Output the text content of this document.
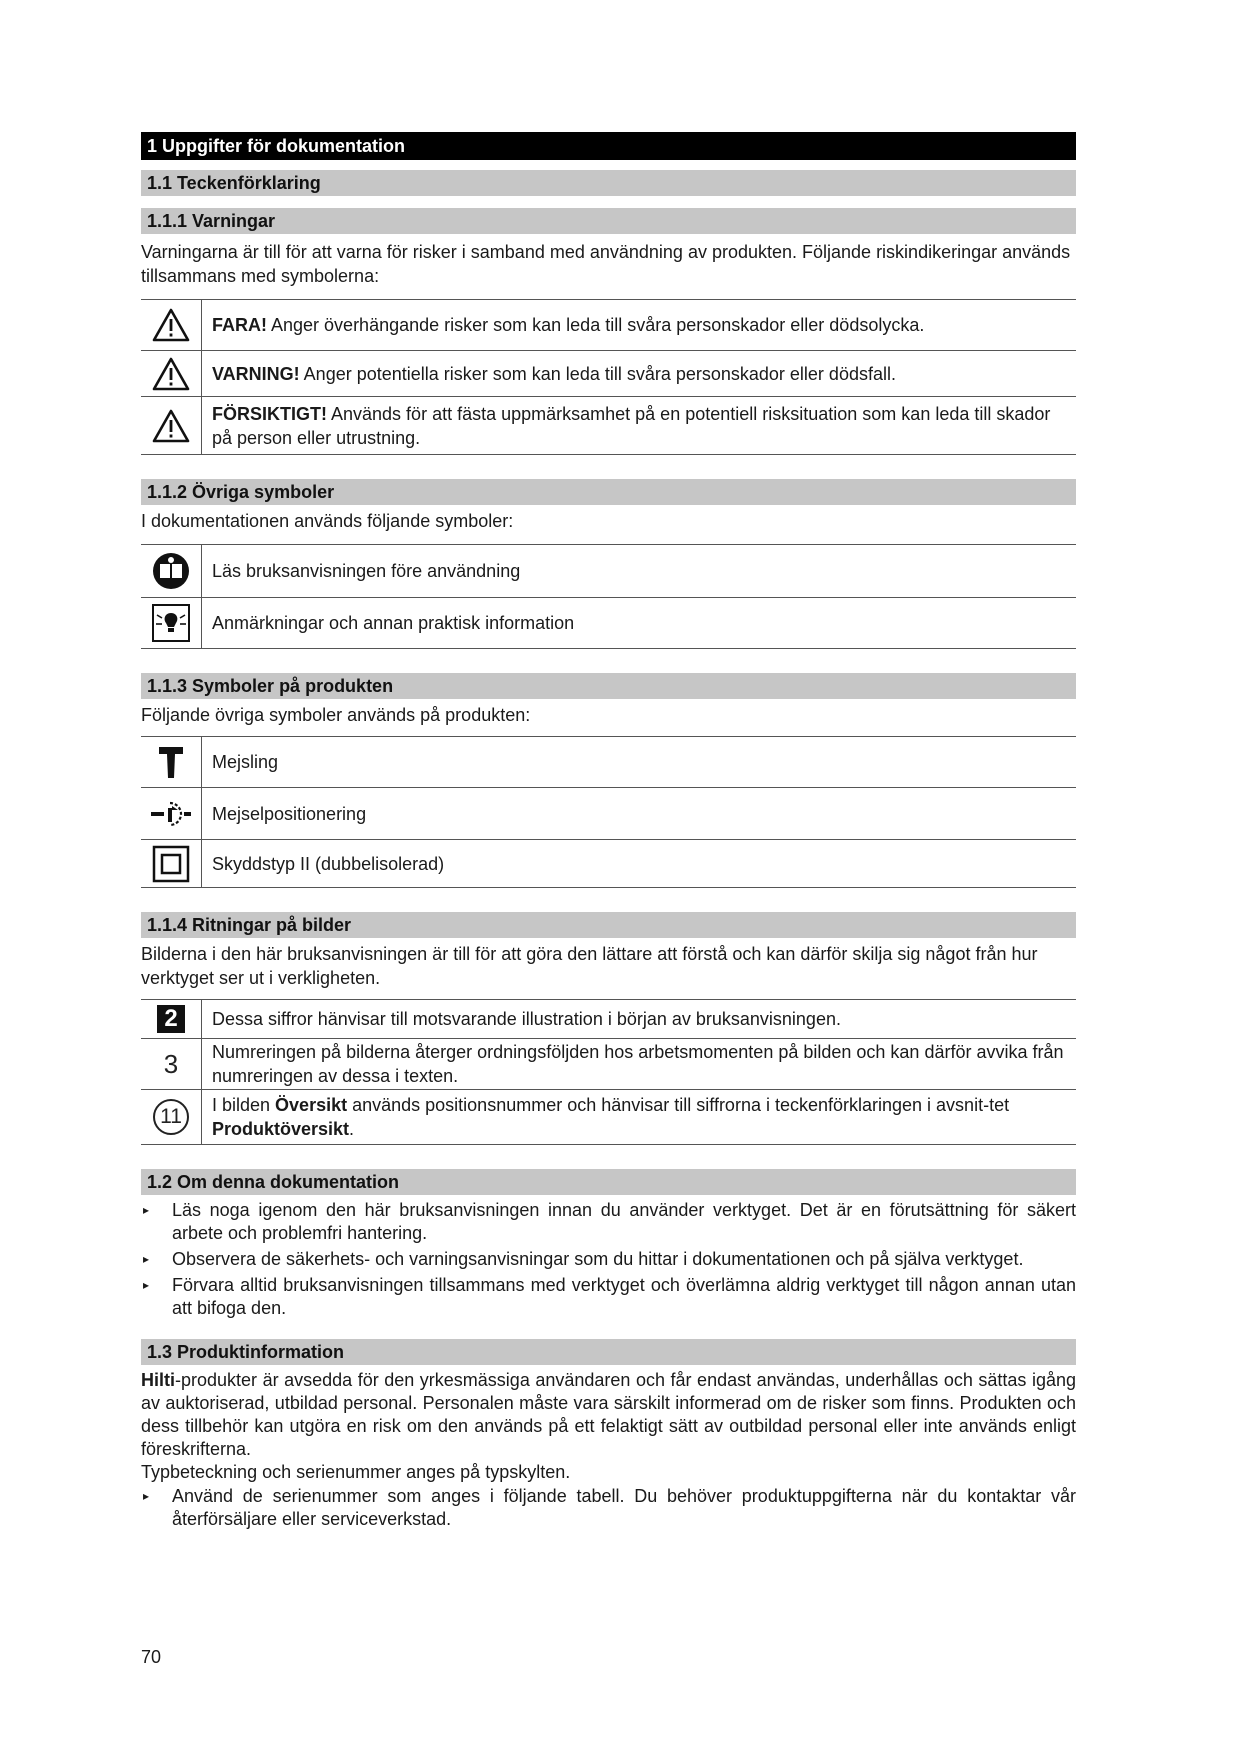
1 Uppgifter för dokumentation
1.1 Teckenförklaring
1.1.1 Varningar

Varningarna är till för att varna för risker i samband med användning av produkten. Följande riskindikeringar används tillsammans med symbolerna:

FARA! Anger överhängande risker som kan leda till svåra personskador eller dödsolycka.
VARNING! Anger potentiella risker som kan leda till svåra personskador eller dödsfall.
FÖRSIKTIGT! Används för att fästa uppmärksamhet på en potentiell risksituation som kan leda till skador på person eller utrustning.
1.1.2 Övriga symboler

I dokumentationen används följande symboler:

Läs bruksanvisningen före användning
Anmärkningar och annan praktisk information
1.1.3 Symboler på produkten

Följande övriga symboler används på produkten:

Mejsling
Mejselpositionering
Skyddstyp II (dubbelisolerad)
1.1.4 Ritningar på bilder

Bilderna i den här bruksanvisningen är till för att göra den lättare att förstå och kan därför skilja sig något från hur verktyget ser ut i verkligheten.

2	Dessa siffror hänvisar till motsvarande illustration i början av bruksanvisningen.
3	Numreringen på bilderna återger ordningsföljden hos arbetsmomenten på bilden och kan därför avvika från numreringen av dessa i texten.
11	I bilden Översikt används positionsnummer och hänvisar till siffrorna i teckenförklaringen i avsnit-tet Produktöversikt.
1.2 Om denna dokumentation
▸ Läs noga igenom den här bruksanvisningen innan du använder verktyget. Det är en förutsättning för säkert arbete och problemfri hantering.
▸ Observera de säkerhets- och varningsanvisningar som du hittar i dokumentationen och på själva verktyget.
▸ Förvara alltid bruksanvisningen tillsammans med verktyget och överlämna aldrig verktyget till någon annan utan att bifoga den.
1.3 Produktinformation

Hilti-produkter är avsedda för den yrkesmässiga användaren och får endast användas, underhållas och sättas igång av auktoriserad, utbildad personal. Personalen måste vara särskilt informerad om de risker som finns. Produkten och dess tillbehör kan utgöra en risk om den används på ett felaktigt sätt av outbildad personal eller inte används enligt föreskrifterna.

Typbeteckning och serienummer anges på typskylten.

▸ Använd de serienummer som anges i följande tabell. Du behöver produktuppgifterna när du kontaktar vår återförsäljare eller serviceverkstad.
70
